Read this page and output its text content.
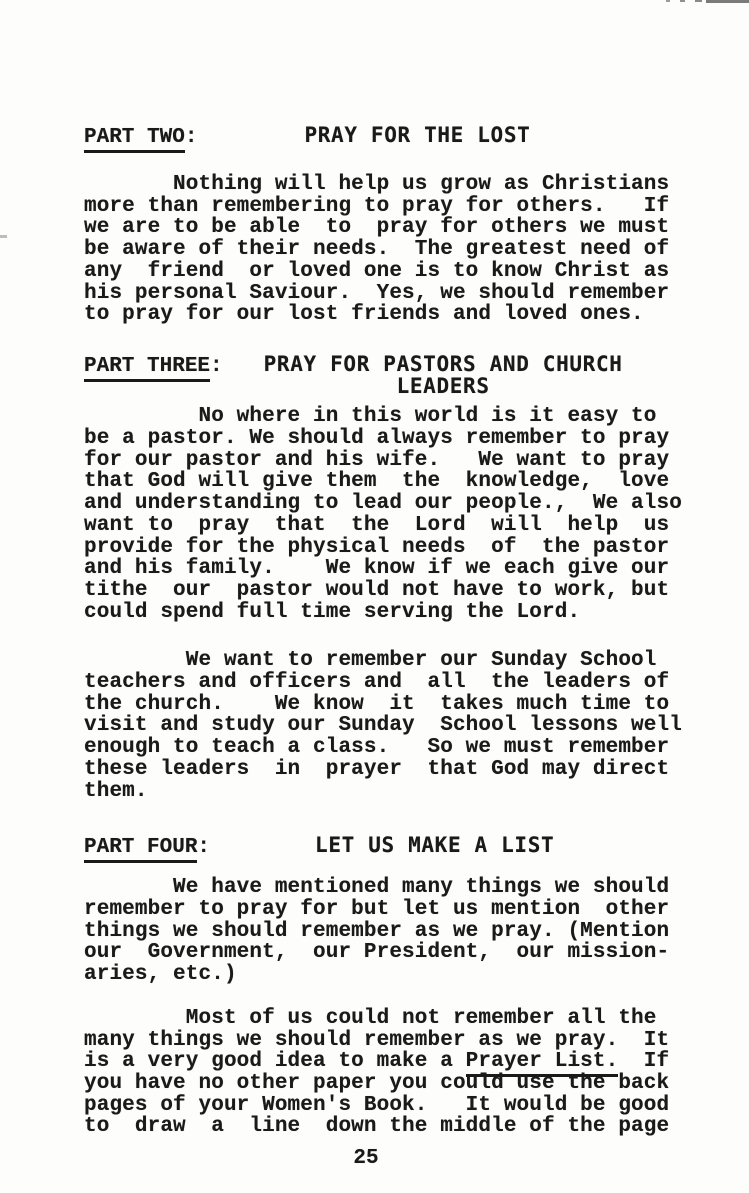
PART TWO:	PRAY FOR THE LOST
Nothing will help us grow as Christians
more than remembering to pray for others.   If
we are to be able  to  pray for others we must
be aware of their needs.  The greatest need of
any  friend  or loved one is to know Christ as
his personal Saviour.  Yes, we should remember
to pray for our lost friends and loved ones.
PART THREE: PRAY FOR PASTORS AND CHURCH
LEADERS
No where in this world is it easy to
be a pastor. We should always remember to pray
for our pastor and his wife.   We want to pray
that God will give them  the  knowledge,  love
and understanding to lead our people.,  We also
want to  pray  that  the  Lord  will  help  us
provide for the physical needs  of  the pastor
and his family.    We know if we each give our
tithe  our  pastor would not have to work, but
could spend full time serving the Lord.
We want to remember our Sunday School
teachers and officers and  all  the leaders of
the church.    We know  it  takes much time to
visit and study our Sunday  School lessons well
enough to teach a class.   So we must remember
these leaders  in  prayer  that God may direct
them.
PART FOUR:	LET US MAKE A LIST
We have mentioned many things we should
remember to pray for but let us mention  other
things we should remember as we pray. (Mention
our  Government,  our President,  our mission-
aries, etc.)
Most of us could not remember all the
many things we should remember as we pray.  It
is a very good idea to make a Prayer List.  If
you have no other paper you could use the back
pages of your Women's Book.   It would be good
to  draw  a  line  down the middle of the page
25
